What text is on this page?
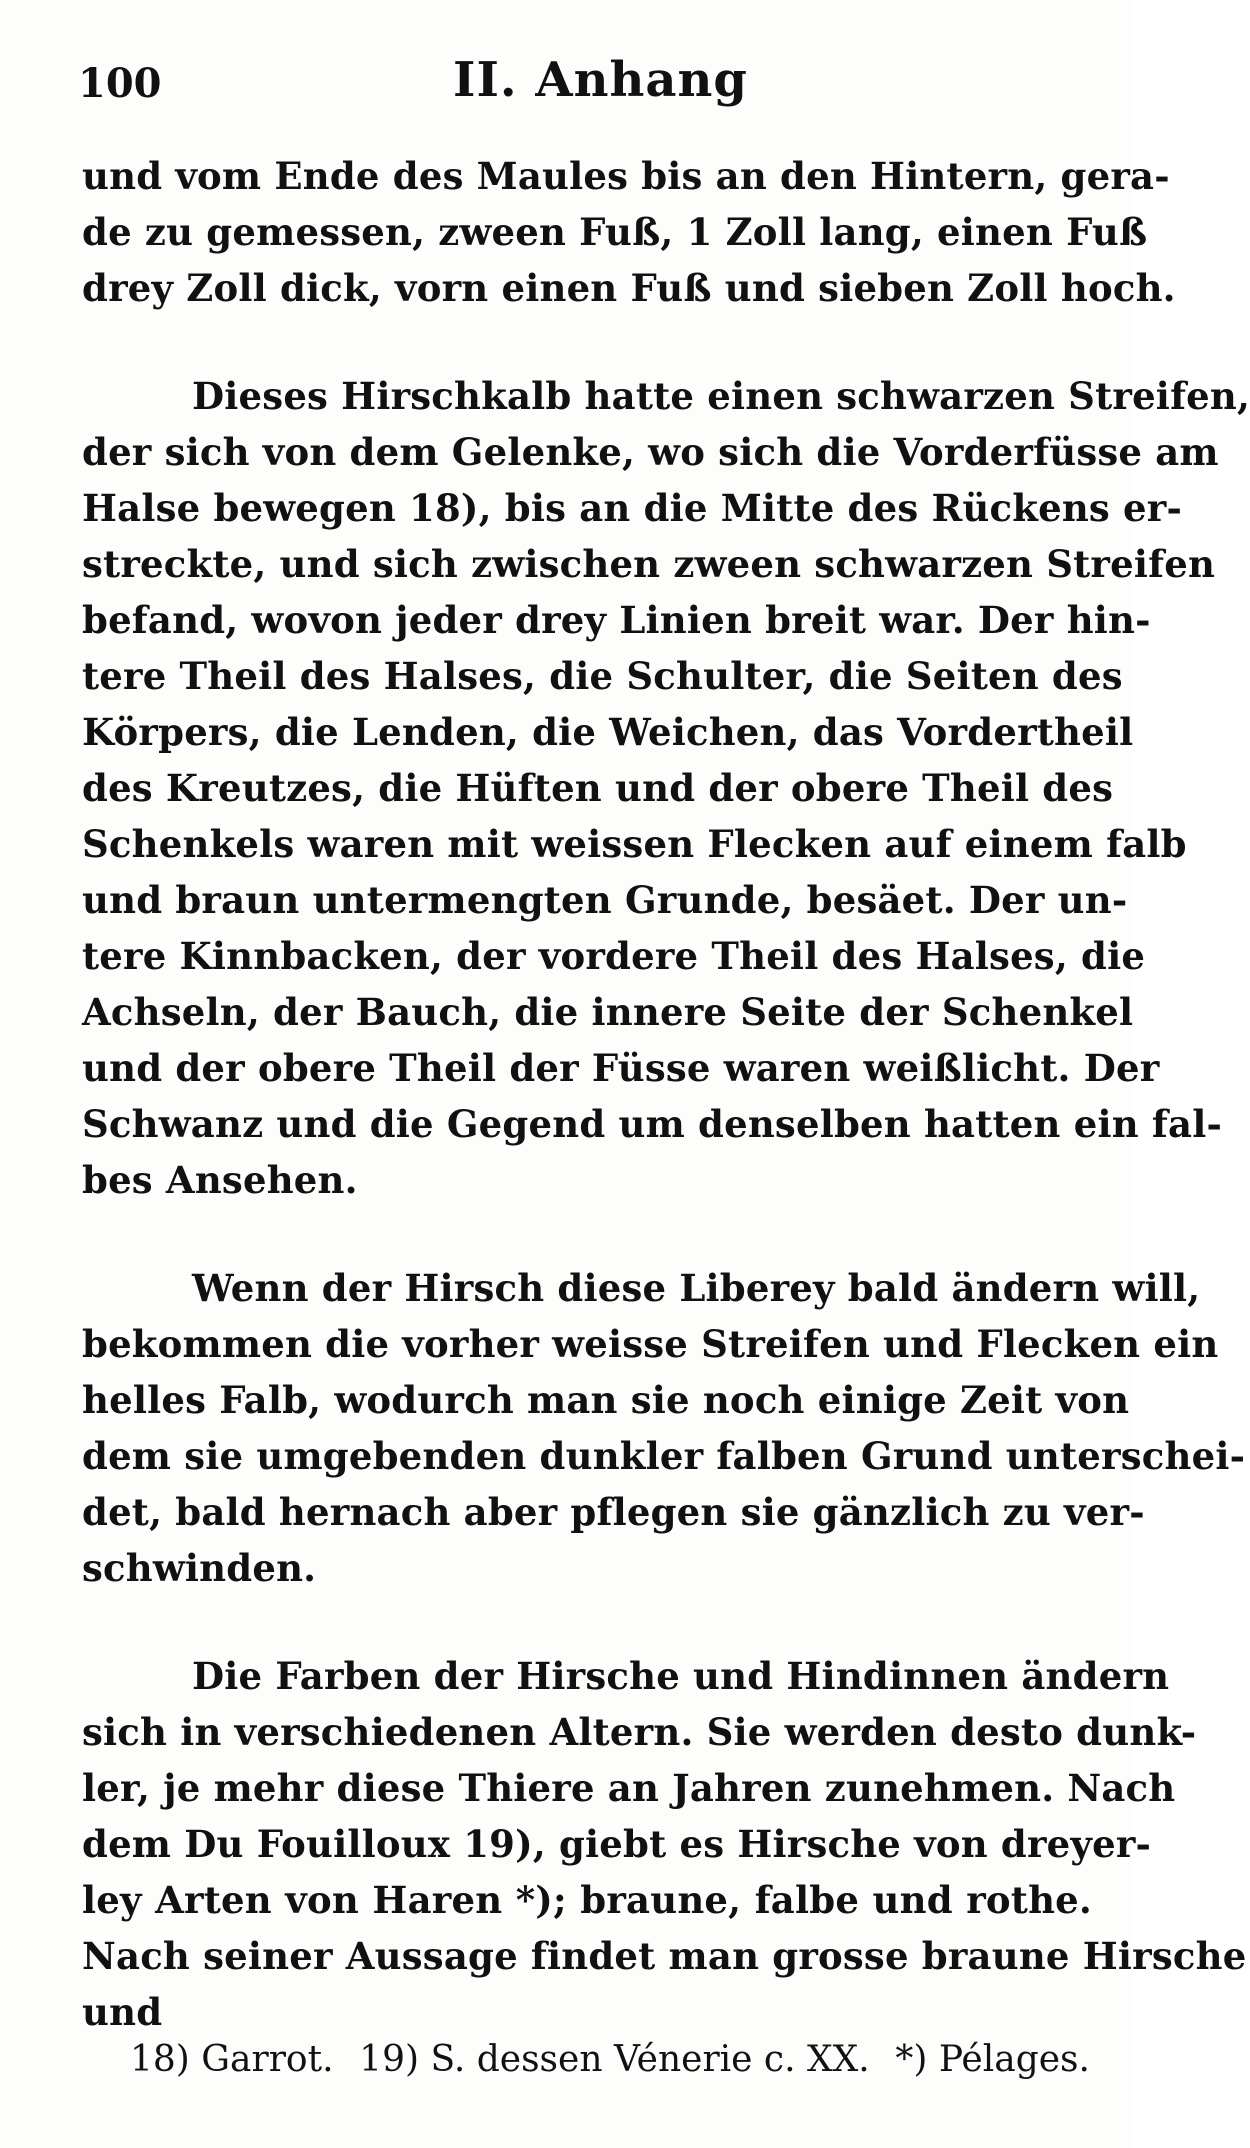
100	II. Anhang
und vom Ende des Maules bis an den Hintern, gera-
de zu gemessen, zween Fuß, 1 Zoll lang, einen Fuß
drey Zoll dick, vorn einen Fuß und sieben Zoll hoch.
Dieses Hirschkalb hatte einen schwarzen Streifen,
der sich von dem Gelenke, wo sich die Vorderfüsse am
Halse bewegen 18), bis an die Mitte des Rückens er-
streckte, und sich zwischen zween schwarzen Streifen
befand, wovon jeder drey Linien breit war. Der hin-
tere Theil des Halses, die Schulter, die Seiten des
Körpers, die Lenden, die Weichen, das Vordertheil
des Kreutzes, die Hüften und der obere Theil des
Schenkels waren mit weissen Flecken auf einem falb
und braun untermengten Grunde, besäet. Der un-
tere Kinnbacken, der vordere Theil des Halses, die
Achseln, der Bauch, die innere Seite der Schenkel
und der obere Theil der Füsse waren weißlicht. Der
Schwanz und die Gegend um denselben hatten ein fal-
bes Ansehen.
Wenn der Hirsch diese Liberey bald ändern will,
bekommen die vorher weisse Streifen und Flecken ein
helles Falb, wodurch man sie noch einige Zeit von
dem sie umgebenden dunkler falben Grund unterschei-
det, bald hernach aber pflegen sie gänzlich zu ver-
schwinden.
Die Farben der Hirsche und Hindinnen ändern
sich in verschiedenen Altern. Sie werden desto dunk-
ler, je mehr diese Thiere an Jahren zunehmen. Nach
dem Du Fouilloux 19), giebt es Hirsche von dreyer-
ley Arten von Haren *); braune, falbe und rothe.
Nach seiner Aussage findet man grosse braune Hirsche
und
18) Garrot. 19) S. dessen Vénerie c. XX. *) Pélages.
